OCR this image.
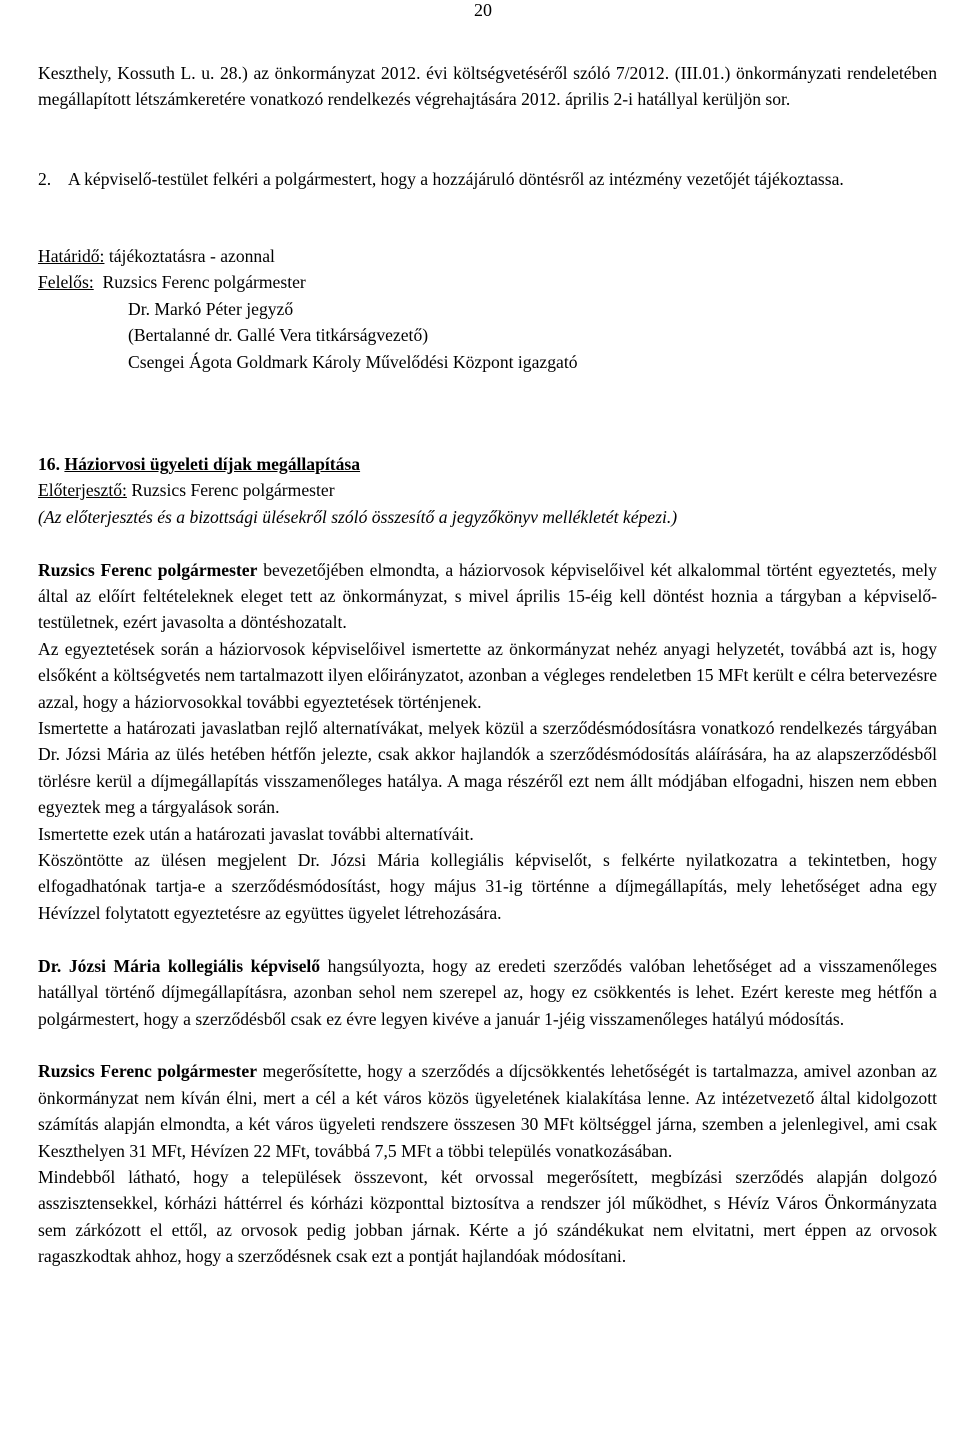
20

Keszthely, Kossuth L. u. 28.) az önkormányzat 2012. évi költségvetéséről szóló 7/2012. (III.01.) önkormányzati rendeletében megállapított létszámkeretére vonatkozó rendelkezés végrehajtására 2012. április 2-i hatállyal kerüljön sor.

2. A képviselő-testület felkéri a polgármestert, hogy a hozzájáruló döntésről az intézmény vezetőjét tájékoztassa.
Határidő: tájékoztatásra - azonnal
Felelős: Ruzsics Ferenc polgármester
Dr. Markó Péter jegyző
(Bertalanné dr. Gallé Vera titkárságvezető)
Csengei Ágota Goldmark Károly Művelődési Központ igazgató
16. Háziorvosi ügyeleti díjak megállapítása
Előterjesztő: Ruzsics Ferenc polgármester
(Az előterjesztés és a bizottsági ülésekről szóló összesítő a jegyzőkönyv mellékletét képezi.)

Ruzsics Ferenc polgármester bevezetőjében elmondta, a háziorvosok képviselőivel két alkalommal történt egyeztetés, mely által az előírt feltételeknek eleget tett az önkormányzat, s mivel április 15-éig kell döntést hoznia a tárgyban a képviselő-testületnek, ezért javasolta a döntéshozatalt.

Az egyeztetések során a háziorvosok képviselőivel ismertette az önkormányzat nehéz anyagi helyzetét, továbbá azt is, hogy elsőként a költségvetés nem tartalmazott ilyen előirányzatot, azonban a végleges rendeletben 15 MFt került e célra betervezésre azzal, hogy a háziorvosokkal további egyeztetések történjenek.

Ismertette a határozati javaslatban rejlő alternatívákat, melyek közül a szerződésmódosításra vonatkozó rendelkezés tárgyában Dr. Józsi Mária az ülés hetében hétfőn jelezte, csak akkor hajlandók a szerződésmódosítás aláírására, ha az alapszerződésből törlésre kerül a díjmegállapítás visszamenőleges hatálya. A maga részéről ezt nem állt módjában elfogadni, hiszen nem ebben egyeztek meg a tárgyalások során.

Ismertette ezek után a határozati javaslat további alternatíváit.

Köszöntötte az ülésen megjelent Dr. Józsi Mária kollegiális képviselőt, s felkérte nyilatkozatra a tekintetben, hogy elfogadhatónak tartja-e a szerződésmódosítást, hogy május 31-ig történne a díjmegállapítás, mely lehetőséget adna egy Hévízzel folytatott egyeztetésre az együttes ügyelet létrehozására.

Dr. Józsi Mária kollegiális képviselő hangsúlyozta, hogy az eredeti szerződés valóban lehetőséget ad a visszamenőleges hatállyal történő díjmegállapításra, azonban sehol nem szerepel az, hogy ez csökkentés is lehet. Ezért kereste meg hétfőn a polgármestert, hogy a szerződésből csak ez évre legyen kivéve a január 1-jéig visszamenőleges hatályú módosítás.

Ruzsics Ferenc polgármester megerősítette, hogy a szerződés a díjcsökkentés lehetőségét is tartalmazza, amivel azonban az önkormányzat nem kíván élni, mert a cél a két város közös ügyeletének kialakítása lenne. Az intézetvezető által kidolgozott számítás alapján elmondta, a két város ügyeleti rendszere összesen 30 MFt költséggel járna, szemben a jelenlegivel, ami csak Keszthelyen 31 MFt, Hévízen 22 MFt, továbbá 7,5 MFt a többi település vonatkozásában.

Mindebből látható, hogy a települések összevont, két orvossal megerősített, megbízási szerződés alapján dolgozó asszisztensekkel, kórházi háttérrel és kórházi központtal biztosítva a rendszer jól működhet, s Hévíz Város Önkormányzata sem zárkózott el ettől, az orvosok pedig jobban járnak. Kérte a jó szándékukat nem elvitatni, mert éppen az orvosok ragaszkodtak ahhoz, hogy a szerződésnek csak ezt a pontját hajlandóak módosítani.
